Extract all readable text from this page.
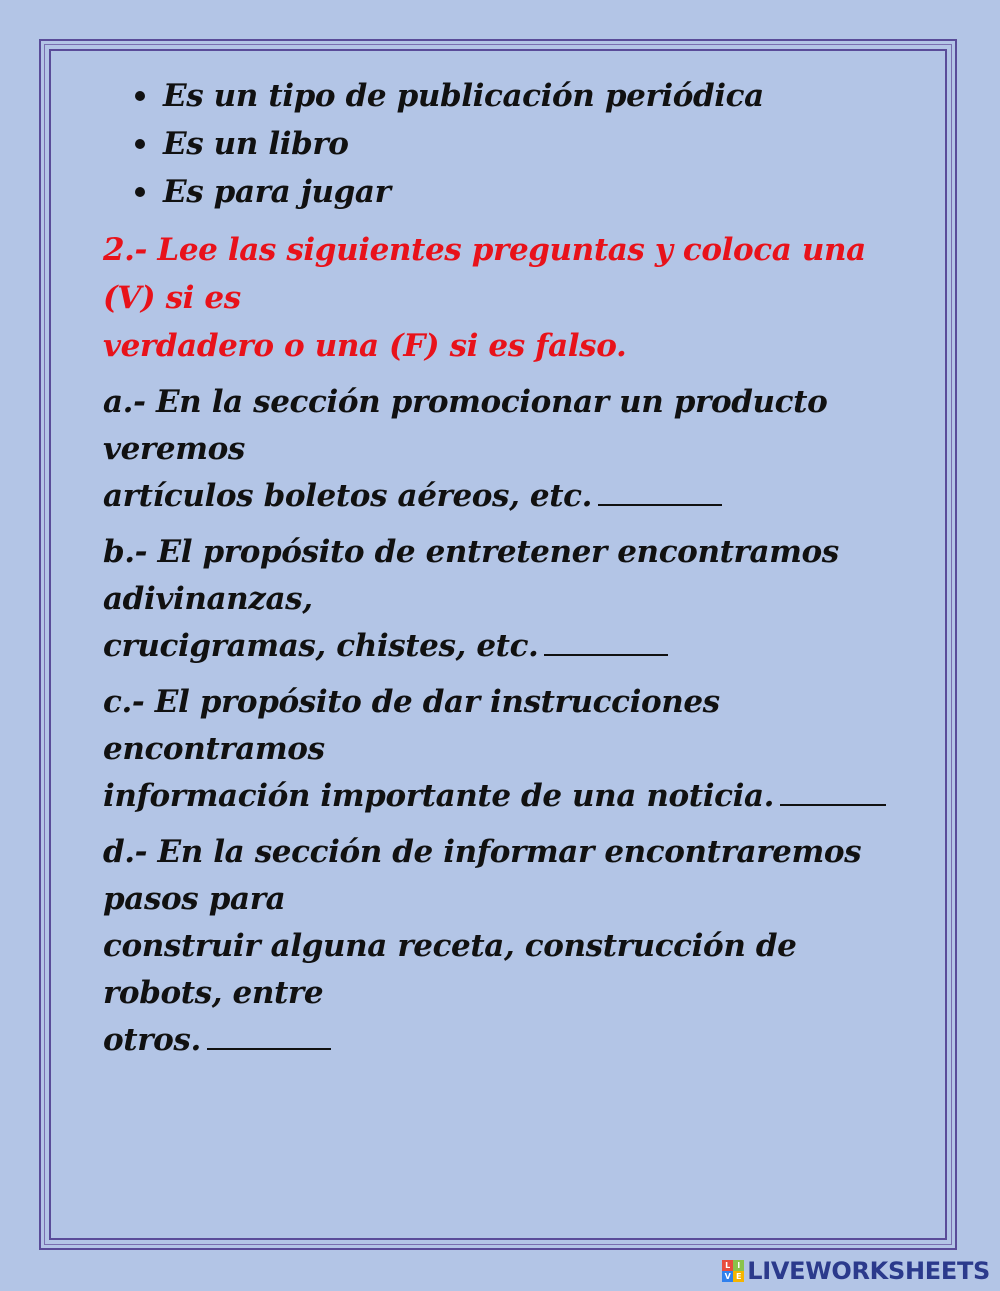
Es un tipo de publicación periódica
Es un libro
Es para jugar
2.- Lee las siguientes preguntas y coloca una (V) si es
verdadero o una (F) si es falso.
a.- En la sección promocionar un producto veremos
artículos boletos aéreos, etc.
b.- El propósito de entretener encontramos adivinanzas,
crucigramas, chistes, etc.
c.- El propósito de dar instrucciones encontramos
información importante de una noticia.
d.- En la sección de informar encontraremos pasos para
construir alguna receta, construcción de robots, entre
otros.
L I
V E LIVEWORKSHEETS
